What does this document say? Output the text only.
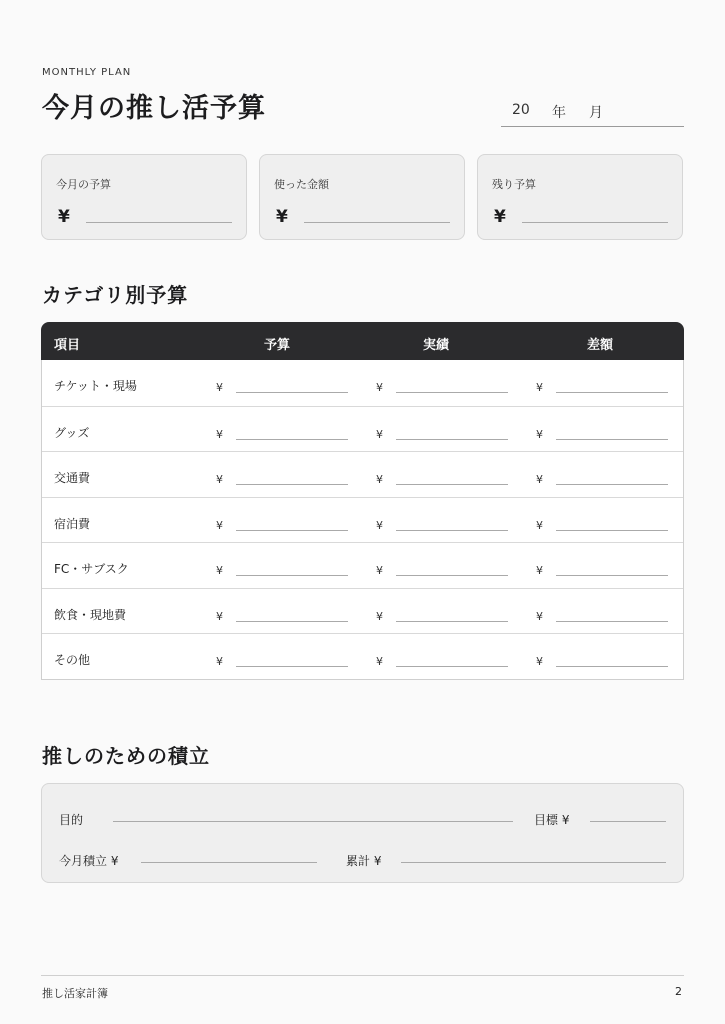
MONTHLY PLAN
今月の推し活予算	20 年 月
今月の予算
¥
使った金額
¥
残り予算
¥
カテゴリ別予算
項目	予算	実績	差額
チケット・現場	¥	¥	¥
グッズ	¥	¥	¥
交通費	¥	¥	¥
宿泊費	¥	¥	¥
FC・サブスク	¥	¥	¥
飲食・現地費	¥	¥	¥
その他	¥	¥	¥
推しのための積立
目的	目標 ¥
今月積立 ¥	累計 ¥
推し活家計簿	2
